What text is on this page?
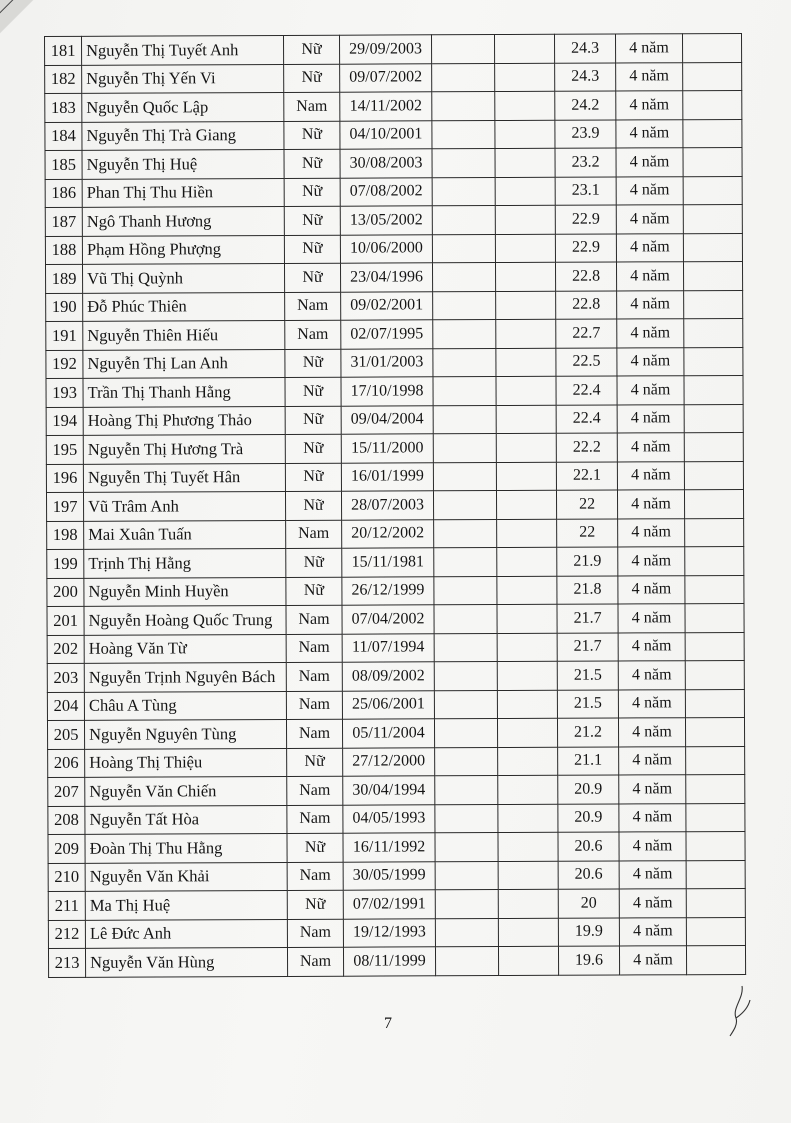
181	Nguyễn Thị Tuyết Anh	Nữ	29/09/2003			24.3	4 năm	
182	Nguyễn Thị Yến Vi	Nữ	09/07/2002			24.3	4 năm	
183	Nguyễn Quốc Lập	Nam	14/11/2002			24.2	4 năm	
184	Nguyễn Thị Trà Giang	Nữ	04/10/2001			23.9	4 năm	
185	Nguyễn Thị Huệ	Nữ	30/08/2003			23.2	4 năm	
186	Phan Thị Thu Hiền	Nữ	07/08/2002			23.1	4 năm	
187	Ngô Thanh Hương	Nữ	13/05/2002			22.9	4 năm	
188	Phạm Hồng Phượng	Nữ	10/06/2000			22.9	4 năm	
189	Vũ Thị Quỳnh	Nữ	23/04/1996			22.8	4 năm	
190	Đỗ Phúc Thiên	Nam	09/02/2001			22.8	4 năm	
191	Nguyễn Thiên Hiếu	Nam	02/07/1995			22.7	4 năm	
192	Nguyễn Thị Lan Anh	Nữ	31/01/2003			22.5	4 năm	
193	Trần Thị Thanh Hằng	Nữ	17/10/1998			22.4	4 năm	
194	Hoàng Thị Phương Thảo	Nữ	09/04/2004			22.4	4 năm	
195	Nguyễn Thị Hương Trà	Nữ	15/11/2000			22.2	4 năm	
196	Nguyễn Thị Tuyết Hân	Nữ	16/01/1999			22.1	4 năm	
197	Vũ Trâm Anh	Nữ	28/07/2003			22	4 năm	
198	Mai Xuân Tuấn	Nam	20/12/2002			22	4 năm	
199	Trịnh Thị Hằng	Nữ	15/11/1981			21.9	4 năm	
200	Nguyễn Minh Huyền	Nữ	26/12/1999			21.8	4 năm	
201	Nguyễn Hoàng Quốc Trung	Nam	07/04/2002			21.7	4 năm	
202	Hoàng Văn Từ	Nam	11/07/1994			21.7	4 năm	
203	Nguyễn Trịnh Nguyên Bách	Nam	08/09/2002			21.5	4 năm	
204	Châu A Tùng	Nam	25/06/2001			21.5	4 năm	
205	Nguyễn Nguyên Tùng	Nam	05/11/2004			21.2	4 năm	
206	Hoàng Thị Thiệu	Nữ	27/12/2000			21.1	4 năm	
207	Nguyễn Văn Chiến	Nam	30/04/1994			20.9	4 năm	
208	Nguyễn Tất Hòa	Nam	04/05/1993			20.9	4 năm	
209	Đoàn Thị Thu Hằng	Nữ	16/11/1992			20.6	4 năm	
210	Nguyễn Văn Khải	Nam	30/05/1999			20.6	4 năm	
211	Ma Thị Huệ	Nữ	07/02/1991			20	4 năm	
212	Lê Đức Anh	Nam	19/12/1993			19.9	4 năm	
213	Nguyễn Văn Hùng	Nam	08/11/1999			19.6	4 năm	
7
